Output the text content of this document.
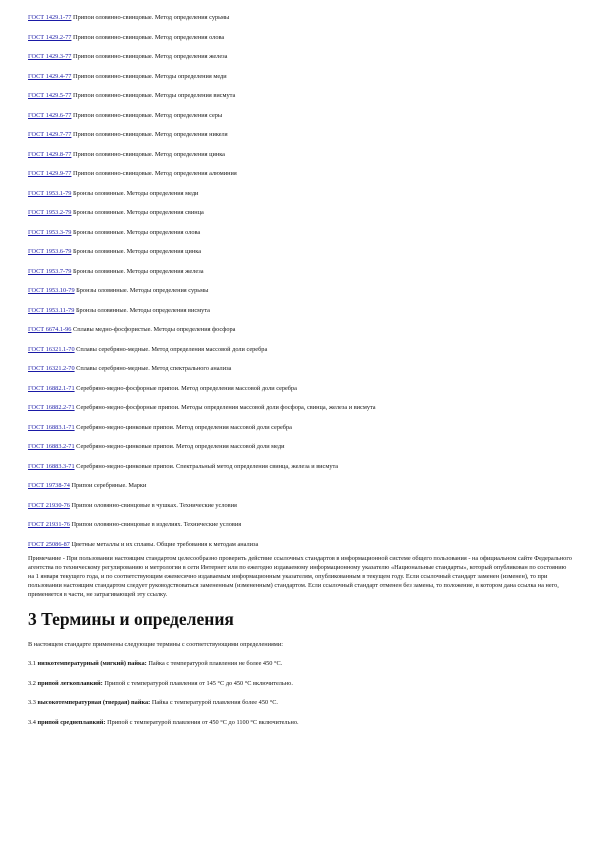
ГОСТ 1429.1-77 Припои оловянно-свинцовые. Метод определения сурьмы
ГОСТ 1429.2-77 Припои оловянно-свинцовые. Метод определения олова
ГОСТ 1429.3-77 Припои оловянно-свинцовые. Метод определения железа
ГОСТ 1429.4-77 Припои оловянно-свинцовые. Методы определения меди
ГОСТ 1429.5-77 Припои оловянно-свинцовые. Методы определения висмута
ГОСТ 1429.6-77 Припои оловянно-свинцовые. Метод определения серы
ГОСТ 1429.7-77 Припои оловянно-свинцовые. Метод определения никеля
ГОСТ 1429.8-77 Припои оловянно-свинцовые. Метод определения цинка
ГОСТ 1429.9-77 Припои оловянно-свинцовые. Метод определения алюминия
ГОСТ 1953.1-79 Бронзы оловянные. Методы определения меди
ГОСТ 1953.2-79 Бронзы оловянные. Методы определения свинца
ГОСТ 1953.3-79 Бронзы оловянные. Методы определения олова
ГОСТ 1953.6-79 Бронзы оловянные. Методы определения цинка
ГОСТ 1953.7-79 Бронзы оловянные. Методы определения железа
ГОСТ 1953.10-79 Бронзы оловянные. Методы определения сурьмы
ГОСТ 1953.11-79 Бронзы оловянные. Методы определения висмута
ГОСТ 6674.1-96 Сплавы медно-фосфористые. Методы определения фосфора
ГОСТ 16321.1-70 Сплавы серебряно-медные. Метод определения массовой доли серебра
ГОСТ 16321.2-70 Сплавы серебряно-медные. Метод спектрального анализа
ГОСТ 16882.1-71 Серебряно-медно-фосфорные припои. Метод определения массовой доли серебра
ГОСТ 16882.2-71 Серебряно-медно-фосфорные припои. Методы определения массовой доли фосфора, свинца, железа и висмута
ГОСТ 16883.1-71 Серебряно-медно-цинковые припои. Метод определения массовой доли серебра
ГОСТ 16883.2-71 Серебряно-медно-цинковые припои. Метод определения массовой доли меди
ГОСТ 16883.3-71 Серебряно-медно-цинковые припои. Спектральный метод определения свинца, железа и висмута
ГОСТ 19738-74 Припои серебряные. Марки
ГОСТ 21930-76 Припои оловянно-свинцовые в чушках. Технические условия
ГОСТ 21931-76 Припои оловянно-свинцовые в изделиях. Технические условия
ГОСТ 25086-87 Цветные металлы и их сплавы. Общие требования к методам анализа
Примечание - При пользовании настоящим стандартом целесообразно проверить действие ссылочных стандартов в информационной системе общего пользования - на официальном сайте Федерального агентства по техническому регулированию и метрологии в сети Интернет или по ежегодно издаваемому информационному указателю «Национальные стандарты», который опубликован по состоянию на 1 января текущего года, и по соответствующим ежемесячно издаваемым информационным указателям, опубликованным в текущем году. Если ссылочный стандарт заменен (изменен), то при пользовании настоящим стандартом следует руководствоваться замененным (измененным) стандартом. Если ссылочный стандарт отменен без замены, то положение, в котором дана ссылка на него, применяется в части, не затрагивающей эту ссылку.
3 Термины и определения
В настоящем стандарте применены следующие термины с соответствующими определениями:
3.1 низкотемпературный (мягкий) пайка: Пайка с температурой плавления не более 450 °С.
3.2 припой легкоплавкий: Припой с температурой плавления от 145 °С до 450 °С включительно.
3.3 высокотемпературная (твердая) пайка: Пайка с температурой плавления более 450 °С.
3.4 припой среднеплавкий: Припой с температурой плавления от 450 °С до 1100 °С включительно.
